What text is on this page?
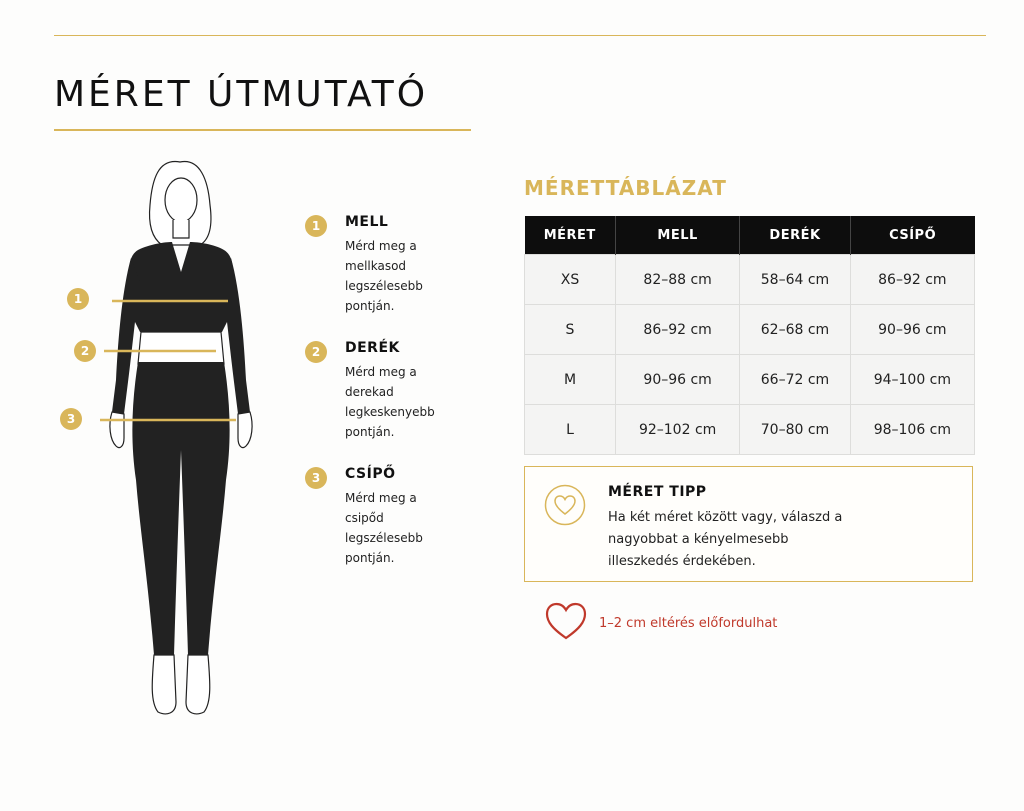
MÉRET ÚTMUTATÓ
1
2
3
1	MELL
Mérd meg a mellkasod legszélesebb pontján.
2	DERÉK
Mérd meg a derekad legkeskenyebb pontján.
3	CSÍPŐ
Mérd meg a csipőd legszélesebb pontján.
MÉRETTÁBLÁZAT
MÉRET	MELL	DERÉK	CSÍPŐ
XS	82–88 cm	58–64 cm	86–92 cm
S	86–92 cm	62–68 cm	90–96 cm
M	90–96 cm	66–72 cm	94–100 cm
L	92–102 cm	70–80 cm	98–106 cm
MÉRET TIPP
Ha két méret között vagy, válaszd a nagyobbat a kényelmesebb illeszkedés érdekében.
1–2 cm eltérés előfordulhat
